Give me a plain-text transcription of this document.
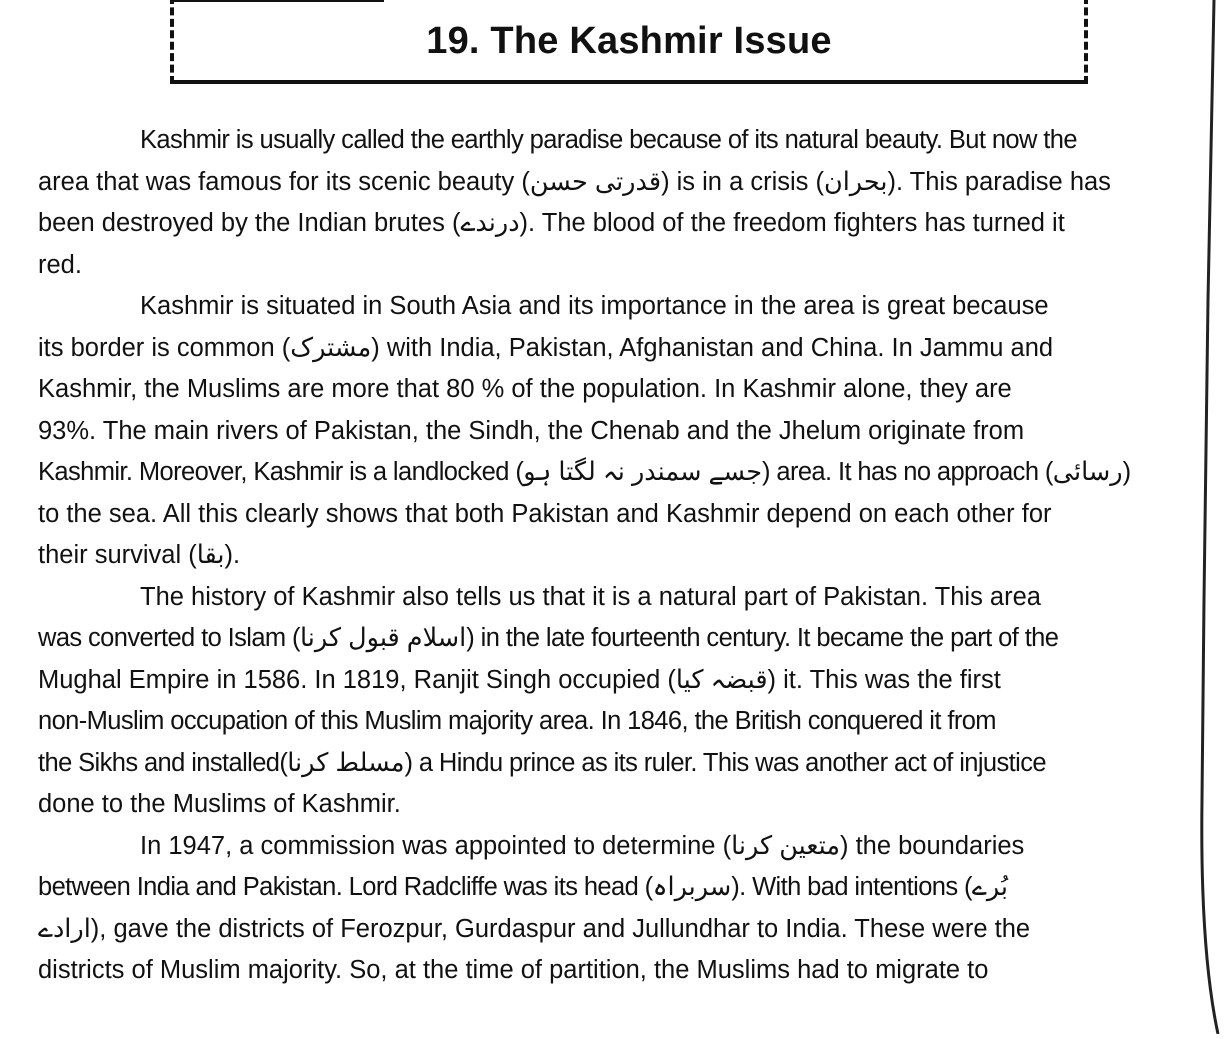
19. The Kashmir Issue

Kashmir is usually called the earthly paradise because of its natural beauty. But now the
area that was famous for its scenic beauty (قدرتی حسن) is in a crisis (بحران). This paradise has
been destroyed by the Indian brutes (درندے). The blood of the freedom fighters has turned it
red.

Kashmir is situated in South Asia and its importance in the area is great because
its border is common (مشترک) with India, Pakistan, Afghanistan and China. In Jammu and
Kashmir, the Muslims are more that 80 % of the population. In Kashmir alone, they are
93%. The main rivers of Pakistan, the Sindh, the Chenab and the Jhelum originate from
Kashmir. Moreover, Kashmir is a landlocked (جسے سمندر نہ لگتا ہو) area. It has no approach (رسائی)
to the sea. All this clearly shows that both Pakistan and Kashmir depend on each other for
their survival (بقا).

The history of Kashmir also tells us that it is a natural part of Pakistan. This area
was converted to Islam (اسلام قبول کرنا) in the late fourteenth century. It became the part of the
Mughal Empire in 1586. In 1819, Ranjit Singh occupied (قبضہ کیا) it. This was the first
non-Muslim occupation of this Muslim majority area. In 1846, the British conquered it from
the Sikhs and installed(مسلط کرنا) a Hindu prince as its ruler. This was another act of injustice
done to the Muslims of Kashmir.

In 1947, a commission was appointed to determine (متعین کرنا) the boundaries
between India and Pakistan. Lord Radcliffe was its head (سربراہ). With bad intentions (بُرے
ارادے), gave the districts of Ferozpur, Gurdaspur and Jullundhar to India. These were the
districts of Muslim majority. So, at the time of partition, the Muslims had to migrate to
